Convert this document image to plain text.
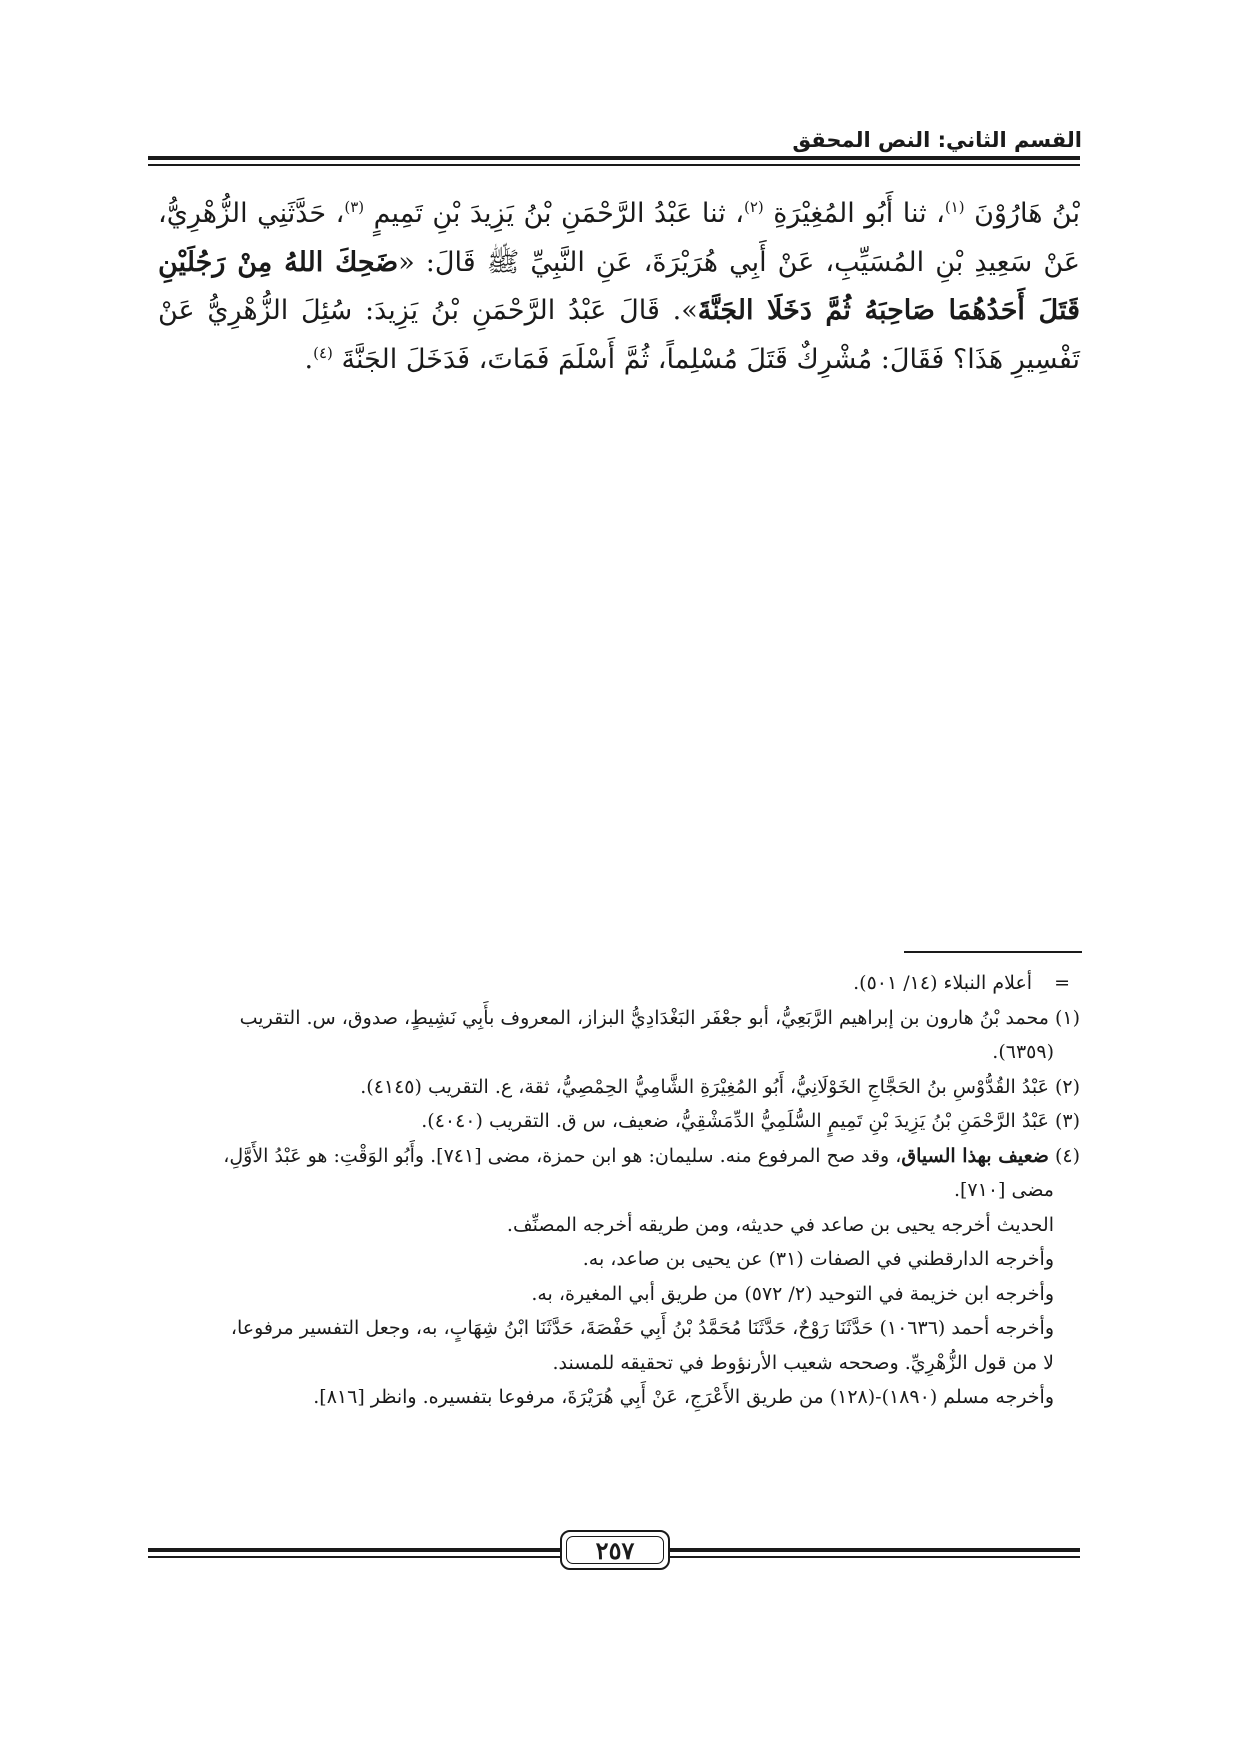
القسم الثاني: النص المحقق

بْنُ هَارُوْنَ $^{(١)}$، ثنا أَبُو المُغِيْرَةِ $^{(٢)}$، ثنا عَبْدُ الرَّحْمَنِ بْنُ يَزِيدَ بْنِ تَمِيمٍ $^{(٣)}$، حَدَّثَنِي الزُّهْرِيُّ، عَنْ سَعِيدِ بْنِ المُسَيِّبِ، عَنْ أَبِي هُرَيْرَةَ، عَنِ النَّبِيِّ ﷺ قَالَ: «ضَحِكَ اللهُ مِنْ رَجُلَيْنِ قَتَلَ أَحَدُهُمَا صَاحِبَهُ ثُمَّ دَخَلَا الجَنَّةَ». قَالَ عَبْدُ الرَّحْمَنِ بْنُ يَزِيدَ: سُئِلَ الزُّهْرِيُّ عَنْ تَفْسِيرِ هَذَا؟ فَقَالَ: مُشْرِكٌ قَتَلَ مُسْلِماً، ثُمَّ أَسْلَمَ فَمَاتَ، فَدَخَلَ الجَنَّةَ $^{(٤)}$.

=أعلام النبلاء (١٤/ ٥٠١).

(١) محمد بْنُ هارون بن إبراهيم الرَّبَعِيُّ، أبو جعْفَر البَغْدَادِيُّ البزاز، المعروف بأَبِي نَشِيطٍ، صدوق، س. التقريب

(٦٣٥٩).

(٢) عَبْدُ القُدُّوْسِ بنُ الحَجَّاجِ الخَوْلَانِيُّ، أَبُو المُغِيْرَةِ الشَّامِيُّ الحِمْصِيُّ، ثقة، ع. التقريب (٤١٤٥).

(٣) عَبْدُ الرَّحْمَنِ بْنُ يَزِيدَ بْنِ تَمِيمٍ السُّلَمِيُّ الدِّمَشْقِيُّ، ضعيف، س ق. التقريب (٤٠٤٠).

(٤) ضعيف بهذا السياق، وقد صح المرفوع منه. سليمان: هو ابن حمزة، مضى [٧٤١]. وأَبُو الوَقْتِ: هو عَبْدُ الأَوَّلِ،

مضى [٧١٠].

الحديث أخرجه يحيى بن صاعد في حديثه، ومن طريقه أخرجه المصنِّف.

وأخرجه الدارقطني في الصفات (٣١) عن يحيى بن صاعد، به.

وأخرجه ابن خزيمة في التوحيد (٢/ ٥٧٢) من طريق أبي المغيرة، به.

وأخرجه أحمد (١٠٦٣٦) حَدَّثَنَا رَوْحٌ، حَدَّثَنَا مُحَمَّدُ بْنُ أَبِي حَفْصَةَ، حَدَّثَنَا ابْنُ شِهَابٍ، به، وجعل التفسير مرفوعا،

لا من قول الزُّهْرِيِّ. وصححه شعيب الأرنؤوط في تحقيقه للمسند.

وأخرجه مسلم (١٨٩٠)-(١٢٨) من طريق الأَعْرَجِ، عَنْ أَبِي هُرَيْرَةَ، مرفوعا بتفسيره. وانظر [٨١٦].

٢٥٧
